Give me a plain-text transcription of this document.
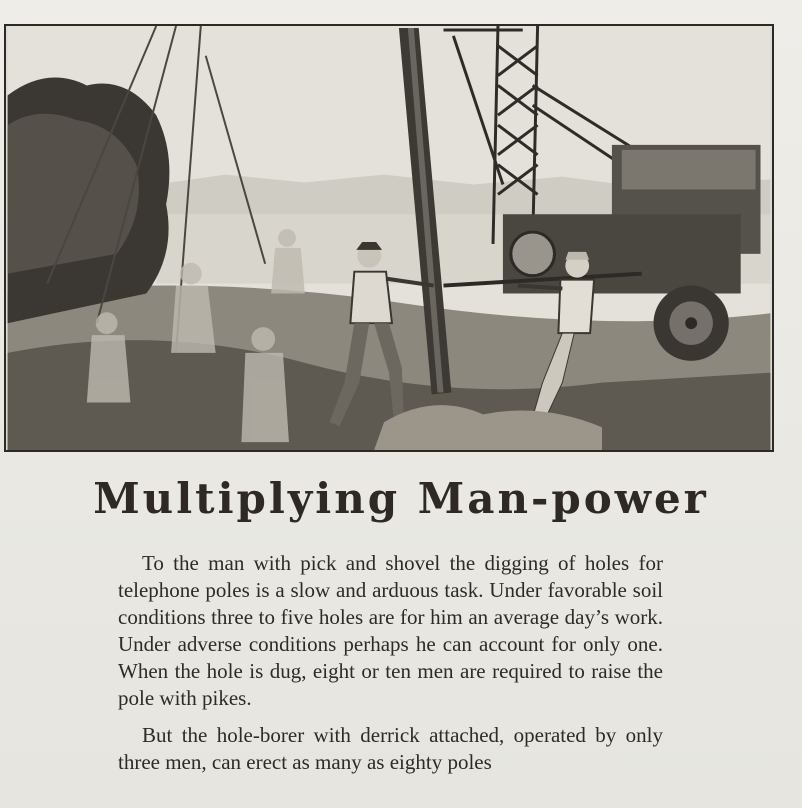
Multiplying Man-power

To the man with pick and shovel the digging of holes for telephone poles is a slow and arduous task. Under favorable soil conditions three to five holes are for him an average day’s work. Under adverse conditions perhaps he can account for only one. When the hole is dug, eight or ten men are required to raise the pole with pikes.

But the hole-borer with derrick attached, operated by only three men, can erect as many as eighty poles
